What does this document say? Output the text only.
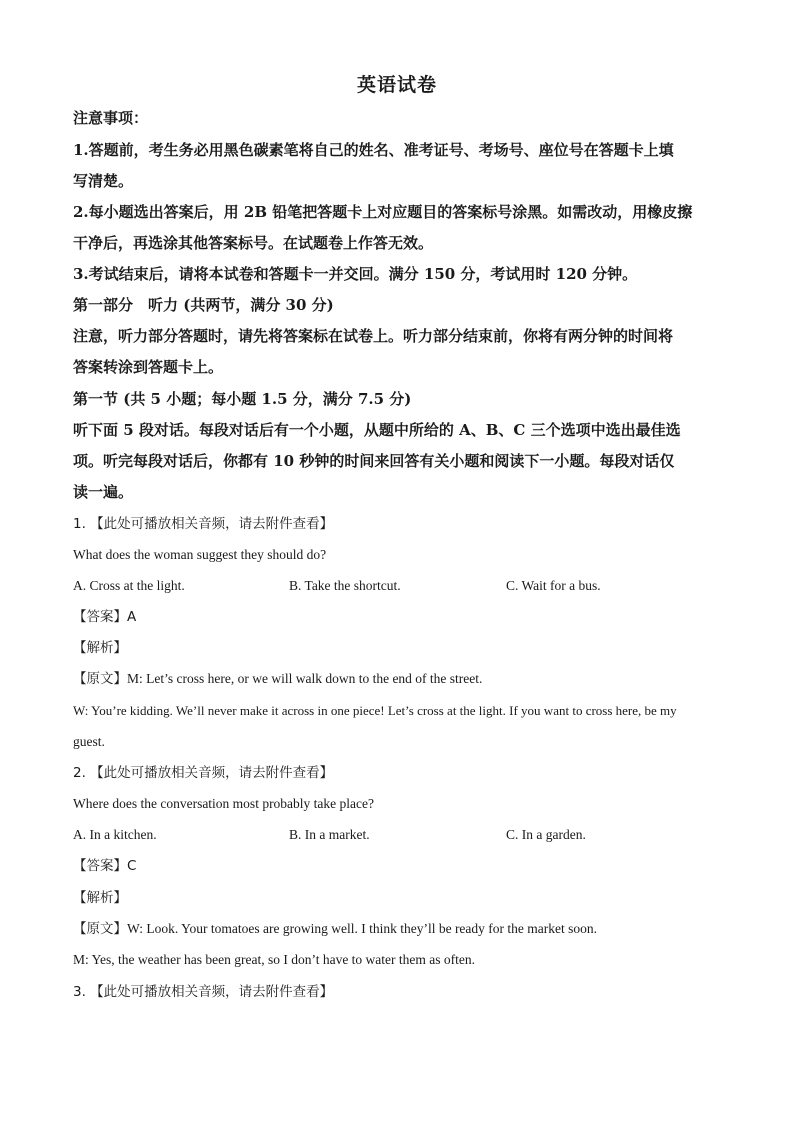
英语试卷
注意事项：
1.答题前，考生务必用黑色碳素笔将自己的姓名、准考证号、考场号、座位号在答题卡上填
写清楚。
2.每小题选出答案后，用 2B 铅笔把答题卡上对应题目的答案标号涂黑。如需改动，用橡皮擦
干净后，再选涂其他答案标号。在试题卷上作答无效。
3.考试结束后，请将本试卷和答题卡一并交回。满分 150 分，考试用时 120 分钟。
第一部分　听力 (共两节，满分 30 分)
注意，听力部分答题时，请先将答案标在试卷上。听力部分结束前，你将有两分钟的时间将
答案转涂到答题卡上。
第一节 (共 5 小题；每小题 1.5 分，满分 7.5 分)
听下面 5 段对话。每段对话后有一个小题，从题中所给的 A、B、C 三个选项中选出最佳选
项。听完每段对话后，你都有 10 秒钟的时间来回答有关小题和阅读下一小题。每段对话仅
读一遍。
1. 【此处可播放相关音频，请去附件查看】
What does the woman suggest they should do?
A. Cross at the light.	B. Take the shortcut.	C. Wait for a bus.
【答案】A
【解析】
【原文】M: Let’s cross here, or we will walk down to the end of the street.
W: You’re kidding. We’ll never make it across in one piece! Let’s cross at the light. If you want to cross here, be my
guest.
2. 【此处可播放相关音频，请去附件查看】
Where does the conversation most probably take place?
A. In a kitchen.	B. In a market.	C. In a garden.
【答案】C
【解析】
【原文】W: Look. Your tomatoes are growing well. I think they’ll be ready for the market soon.
M: Yes, the weather has been great, so I don’t have to water them as often.
3. 【此处可播放相关音频，请去附件查看】
